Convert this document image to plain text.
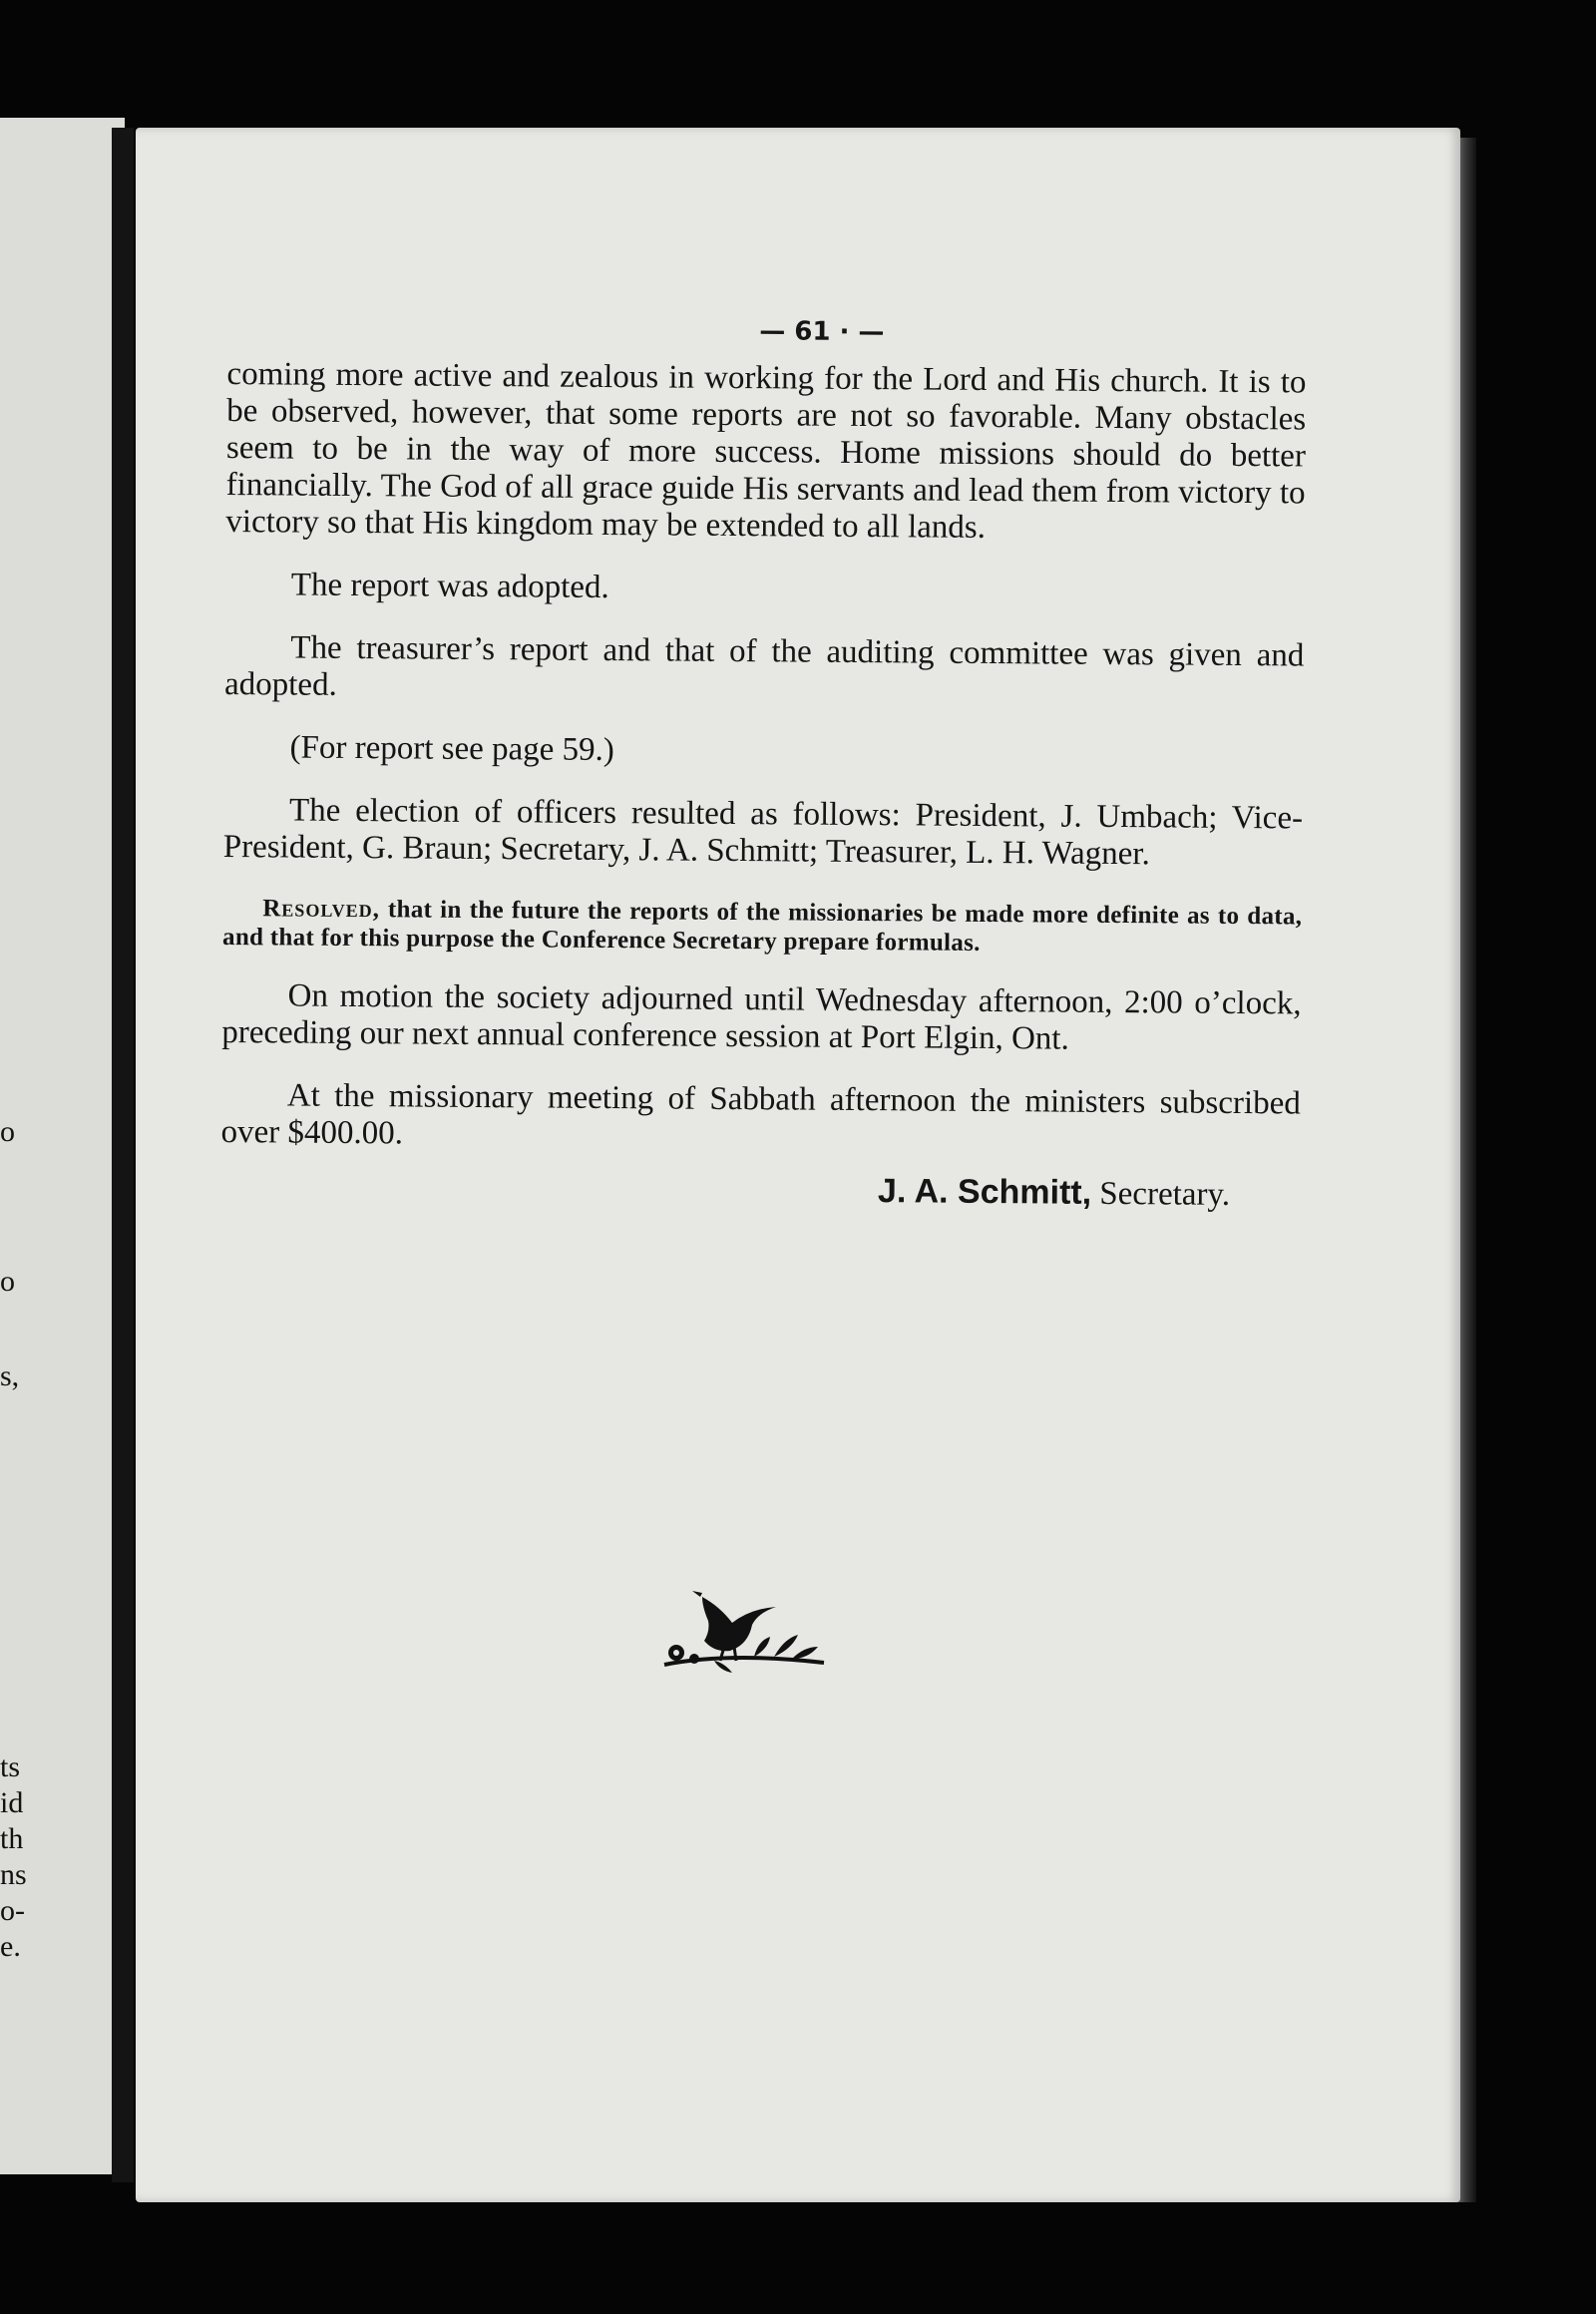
o
o
s,
ts
id
th
ns
o-
e.
— 61 · —

coming more active and zealous in working for the Lord and His church. It is to be observed, however, that some reports are not so favorable. Many obstacles seem to be in the way of more success. Home missions should do better financially. The God of all grace guide His servants and lead them from victory to victory so that His kingdom may be extended to all lands.

The report was adopted.

The treasurer’s report and that of the auditing committee was given and adopted.

(For report see page 59.)

The election of officers resulted as follows: President, J. Umbach; Vice-President, G. Braun; Secretary, J. A. Schmitt; Treasurer, L. H. Wagner.

Resolved, that in the future the reports of the missionaries be made more definite as to data, and that for this purpose the Conference Secretary prepare formulas.

On motion the society adjourned until Wednesday afternoon, 2:00 o’clock, preceding our next annual conference session at Port Elgin, Ont.

At the missionary meeting of Sabbath afternoon the ministers subscribed over $400.00.

J. A. Schmitt, Secretary.
